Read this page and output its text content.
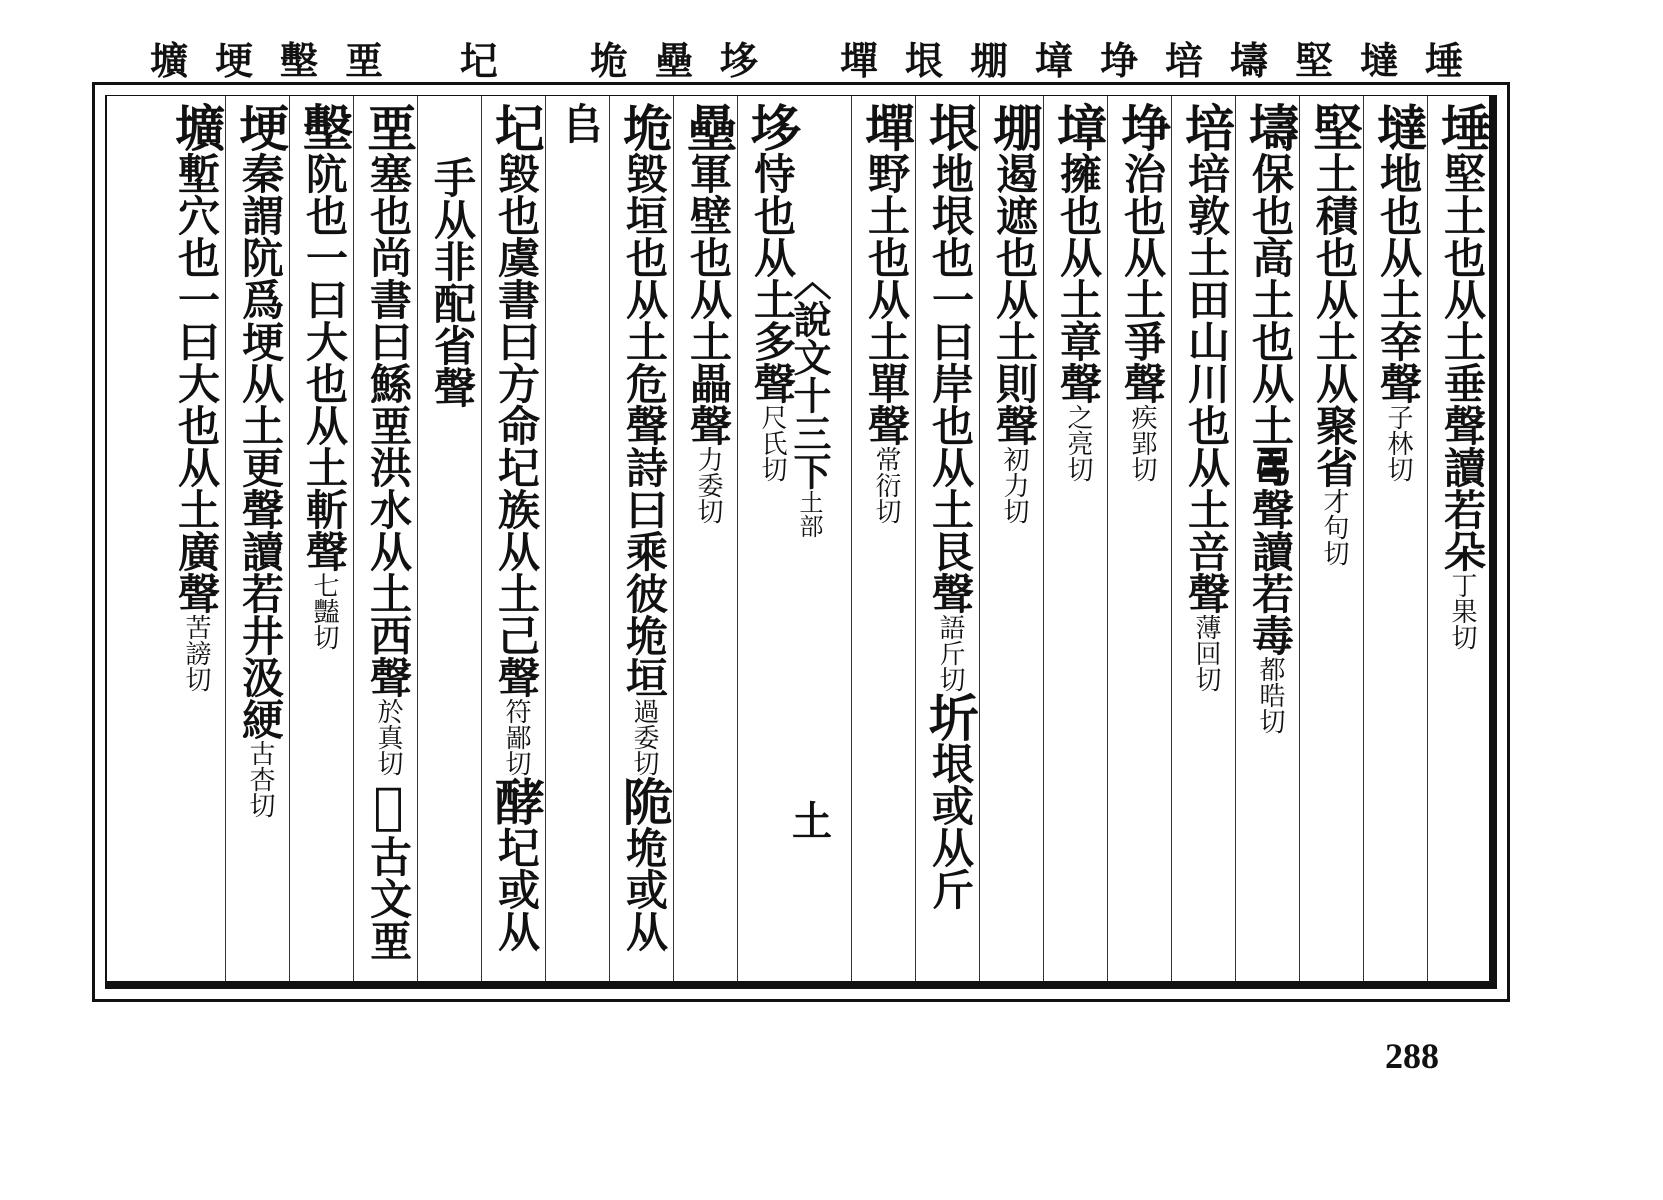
埵
墶
堅
壔
培
埩
墇
堋
垠
墠
垑
壘
垝
圮
垔
墼
埂
壙
埵堅土也从土垂聲讀若朵丁果切
墶地也从土㚔聲子林切
堅土積也从土从聚省才句切
壔保也高土也从土𠷎聲讀若毒都晧切
培培敦土田山川也从土咅聲薄回切
埩治也从土爭聲疾郢切
墇擁也从土章聲之亮切
堋遏遮也从土則聲初力切
垠地垠也一曰岸也从土艮聲語斤切圻垠或从斤
墠野土也从土單聲常衍切
垑恃也从土多聲尺氏切
壘軍壁也从土畾聲力委切
垝毀垣也从土危聲詩曰乘彼垝垣過委切陒垝或从
𠂤
圮毀也虞書曰方命圮族从土己聲符鄙切酵圮或从
手从非配省聲
垔塞也尚書曰鯀垔洪水从土西聲於真切𡋟古文垔
墼阬也一曰大也从土斬聲七豔切
埂秦謂阬爲埂从土更聲讀若井汲綆古杏切
壙塹穴也一曰大也从土廣聲苦謗切
︿說文十三下土部
土
288
